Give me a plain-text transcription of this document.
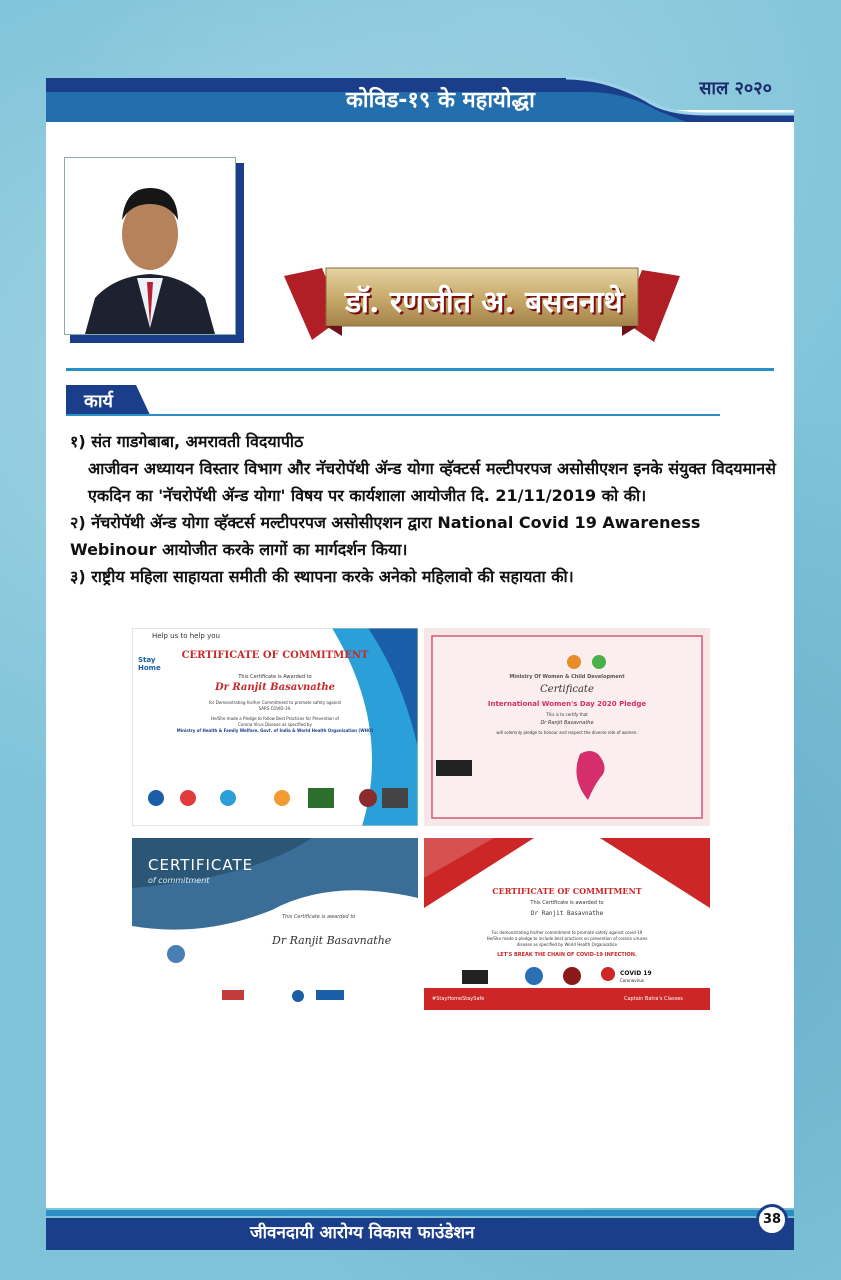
कोविड-१९ के महायोद्धा	साल २०२०
डॉ. रणजीत अ. बसवनाथे
कार्य

१) संत गाडगेबाबा, अमरावती विदयापीठ

आजीवन अध्यायन विस्तार विभाग और नॅचरोपॅथी ॲन्ड योगा व्हॅक्टर्स मल्टीपरपज असोसीएशन इनके संयुक्त विदयमानसे एकदिन का 'नॅचरोपॅथी ॲन्ड योगा' विषय पर कार्यशाला आयोजीत दि. 21/11/2019 को की।

२) नॅचरोपॅथी ॲन्ड योगा व्हॅक्टर्स मल्टीपरपज असोसीएशन द्वारा National Covid 19 Awareness Webinour आयोजीत करके लागों का मार्गदर्शन किया।

३) राष्ट्रीय महिला साहायता समीती की स्थापना करके अनेको महिलावो की सहायता की।

Help us to help you
Stay Home
CERTIFICATE OF COMMITMENT
This Certificate is Awarded to
Dr Ranjit Basavnathe
for Demonstrating his/her Commitment to promote safety against
SARS COVID-19.
He/She made a Pledge to follow Best Practices for Prevention of
Corona Virus Disease as specified by
Ministry of Health & Family Welfare, Govt. of India & World Health Organisation (WHO)
Ministry Of Women & Child Development
Certificate
International Women's Day 2020 Pledge
This is to certify that
Dr Ranjit Basavnathe
will solemnly pledge to honour and respect the diverse role of women.
CERTIFICATE
of commitment
This Certificate is awarded to
Dr Ranjit Basavnathe
CERTIFICATE OF COMMITMENT
This Certificate is awarded to
Dr Ranjit Basavnathe
For demonstrating his/her commitment to promote safety against covid-19
He/She made a pledge to include best practices on prevention of corona viruses
disease as specified by World Health Organisation
LET'S BREAK THE CHAIN OF COVID-19 INFECTION.
COVID 19
Coronavirus
#StayHomeStaySafe	Captain Batra's Classes
जीवनदायी आरोग्य विकास फाउंडेशन
38
